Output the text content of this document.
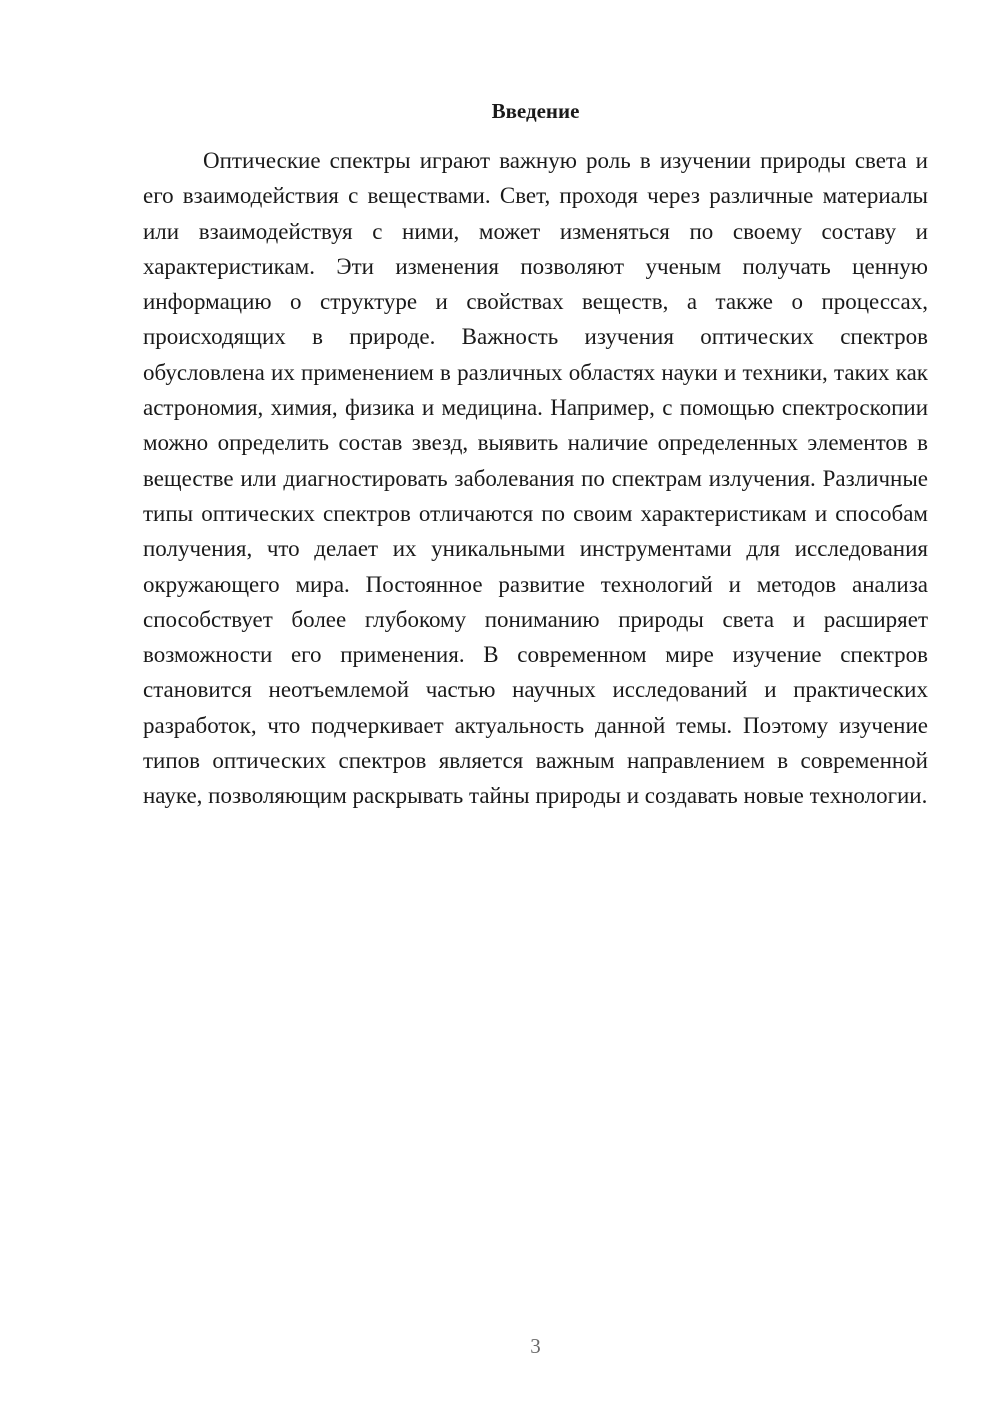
Введение

Оптические спектры играют важную роль в изучении природы света и его взаимодействия с веществами. Свет, проходя через различные материалы или взаимодействуя с ними, может изменяться по своему составу и характеристикам. Эти изменения позволяют ученым получать ценную информацию о структуре и свойствах веществ, а также о процессах, происходящих в природе. Важность изучения оптических спектров обусловлена их применением в различных областях науки и техники, таких как астрономия, химия, физика и медицина. Например, с помощью спектроскопии можно определить состав звезд, выявить наличие определенных элементов в веществе или диагностировать заболевания по спектрам излучения. Различные типы оптических спектров отличаются по своим характеристикам и способам получения, что делает их уникальными инструментами для исследования окружающего мира. Постоянное развитие технологий и методов анализа способствует более глубокому пониманию природы света и расширяет возможности его применения. В современном мире изучение спектров становится неотъемлемой частью научных исследований и практических разработок, что подчеркивает актуальность данной темы. Поэтому изучение типов оптических спектров является важным направлением в современной науке, позволяющим раскрывать тайны природы и создавать новые технологии.

3
